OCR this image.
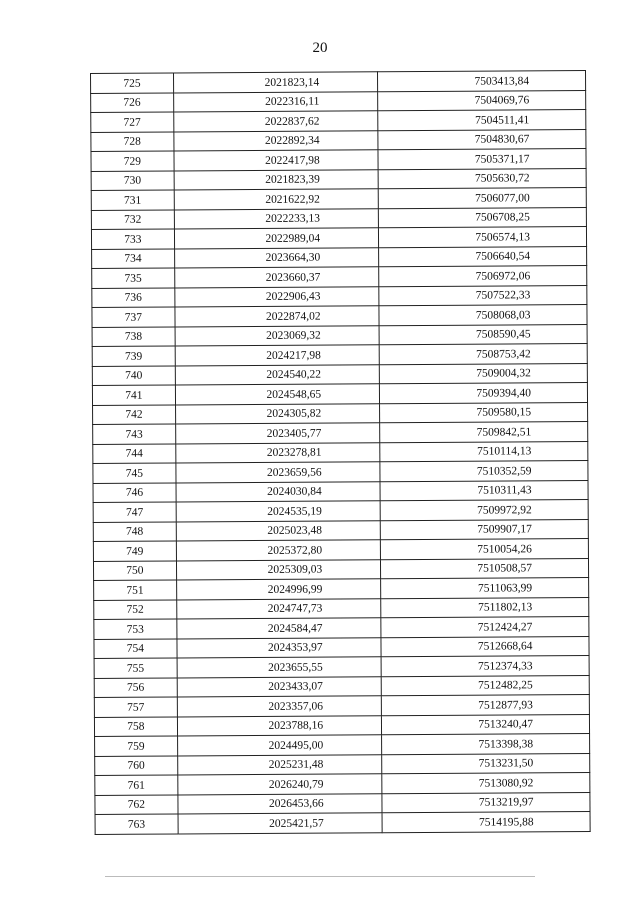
20
725	2021823,14	7503413,84
726	2022316,11	7504069,76
727	2022837,62	7504511,41
728	2022892,34	7504830,67
729	2022417,98	7505371,17
730	2021823,39	7505630,72
731	2021622,92	7506077,00
732	2022233,13	7506708,25
733	2022989,04	7506574,13
734	2023664,30	7506640,54
735	2023660,37	7506972,06
736	2022906,43	7507522,33
737	2022874,02	7508068,03
738	2023069,32	7508590,45
739	2024217,98	7508753,42
740	2024540,22	7509004,32
741	2024548,65	7509394,40
742	2024305,82	7509580,15
743	2023405,77	7509842,51
744	2023278,81	7510114,13
745	2023659,56	7510352,59
746	2024030,84	7510311,43
747	2024535,19	7509972,92
748	2025023,48	7509907,17
749	2025372,80	7510054,26
750	2025309,03	7510508,57
751	2024996,99	7511063,99
752	2024747,73	7511802,13
753	2024584,47	7512424,27
754	2024353,97	7512668,64
755	2023655,55	7512374,33
756	2023433,07	7512482,25
757	2023357,06	7512877,93
758	2023788,16	7513240,47
759	2024495,00	7513398,38
760	2025231,48	7513231,50
761	2026240,79	7513080,92
762	2026453,66	7513219,97
763	2025421,57	7514195,88
